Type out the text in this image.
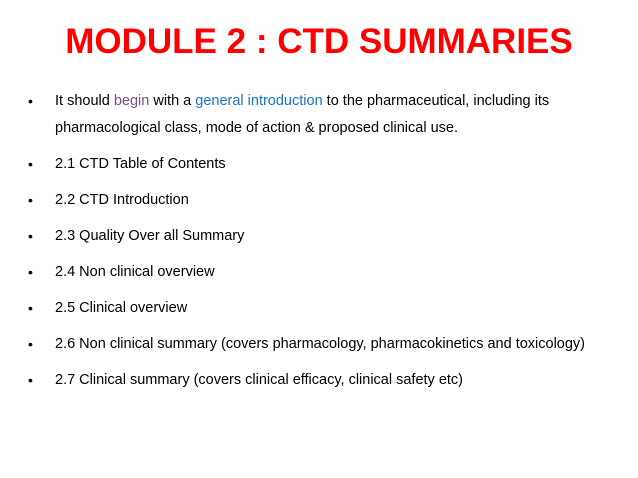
MODULE 2 : CTD SUMMARIES
•	It should begin with a general introduction to the pharmaceutical, including its pharmacological class, mode of action & proposed clinical use.
•	2.1 CTD Table of Contents
•	2.2 CTD Introduction
•	2.3 Quality Over all Summary
•	2.4 Non clinical overview
•	2.5 Clinical overview
•	2.6 Non clinical summary (covers pharmacology, pharmacokinetics and toxicology)
•	2.7 Clinical summary (covers clinical efficacy, clinical safety etc)
